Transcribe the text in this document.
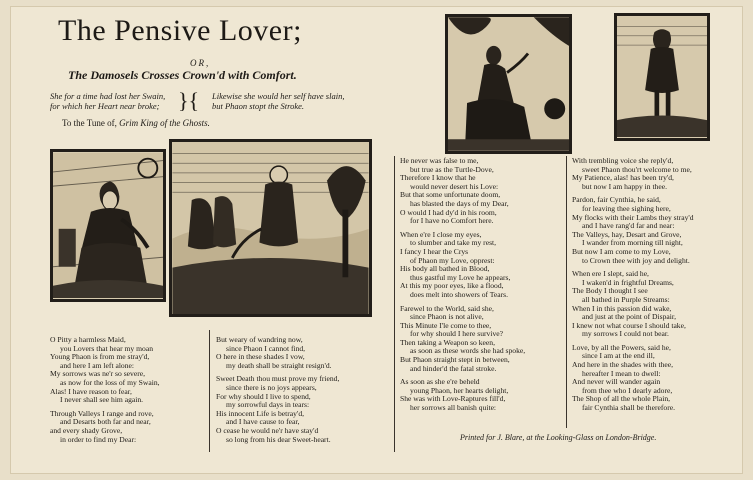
The Pensive Lover;
OR,
The Damosels Crosses Crown'd with Comfort.
She for a time had lost her Swain,
for which her Heart near broke; }{ Likewise she would her self have slain,
but Phaon stopt the Stroke.
To the Tune of, Grim King of the Ghosts.
O Pitty a harmless Maid,
you Lovers that hear my moan
Young Phaon is from me stray'd,
and here I am left alone:
My sorrows was ne'r so severe,
as now for the loss of my Swain,
Alas! I have reason to fear,
I never shall see him again.
Through Valleys I range and rove,
and Desarts both far and near,
and every shady Grove,
in order to find my Dear:
But weary of wandring now,
since Phaon I cannot find,
O here in these shades I vow,
my death shall be straight resign'd.
Sweet Death thou must prove my friend,
since there is no joys appears,
For why should I live to spend,
my sorrowful days in tears:
His innocent Life is betray'd,
and I have cause to fear,
O cease he would ne'r have stay'd
so long from his dear Sweet-heart.
He never was false to me,
but true as the Turtle-Dove,
Therefore I know that he
would never desert his Love:
But that some unfortunate doom,
has blasted the days of my Dear,
O would I had dy'd in his room,
for I have no Comfort here.
When e're I close my eyes,
to slumber and take my rest,
I fancy I hear the Crys
of Phaon my Love, opprest:
His body all bathed in Blood,
thus gastful my Love he appears,
At this my poor eyes, like a flood,
does melt into showers of Tears.
Farewel to the World, said she,
since Phaon is not alive,
This Minute I'le come to thee,
for why should I here survive?
Then taking a Weapon so keen,
as soon as these words she had spoke,
But Phaon straight stept in between,
and hinder'd the fatal stroke.
As soon as she e're beheld
young Phaon, her hearts delight,
She was with Love-Raptures fill'd,
her sorrows all banish quite:
With trembling voice she reply'd,
sweet Phaon thou'rt welcome to me,
My Patience, alas! has been try'd,
but now I am happy in thee.
Pardon, fair Cynthia, he said,
for leaving thee sighing here,
My flocks with their Lambs they stray'd
and I have rang'd far and near:
The Valleys, hay, Desart and Grove,
I wander from morning till night,
But now I am come to my Love,
to Crown thee with joy and delight.
When ere I slept, said he,
I waken'd in frightful Dreams,
The Body I thought I see
all bathed in Purple Streams:
When I in this passion did wake,
and just at the point of Dispair,
I knew not what course I should take,
my sorrows I could not bear.
Love, by all the Powers, said he,
since I am at the end ill,
And here in the shades with thee,
hereafter I mean to dwell:
And never will wander again
from thee who I dearly adore,
The Shop of all the whole Plain,
fair Cynthia shall be therefore.
Printed for J. Blare, at the Looking-Glass on London-Bridge.
